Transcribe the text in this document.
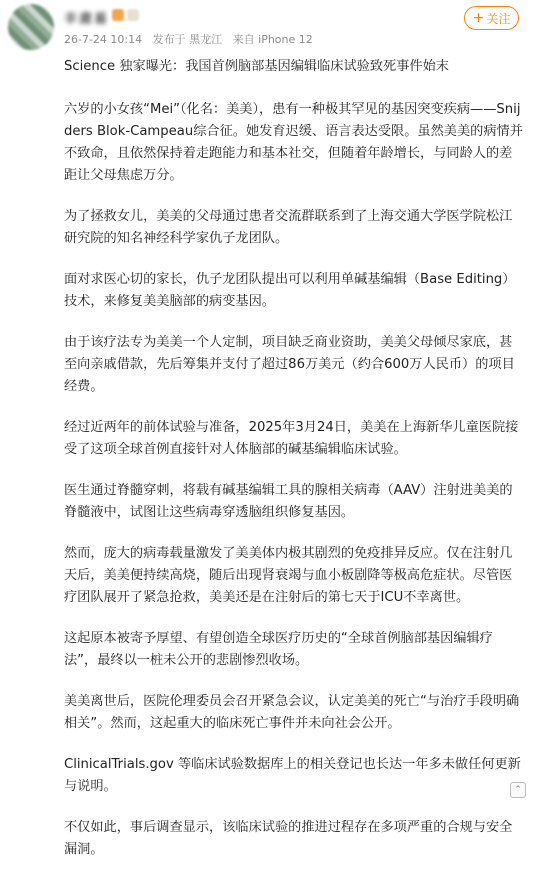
丰肃易
26-7-24 10:14 发布于 黑龙江 来自 iPhone 12
+ 关注

Science 独家曝光：我国首例脑部基因编辑临床试验致死事件始末

六岁的小女孩“Mei”（化名：美美），患有一种极其罕见的基因突变疾病——Snijders Blok-Campeau综合征。她发育迟缓、语言表达受限。虽然美美的病情并不致命，且依然保持着走跑能力和基本社交，但随着年龄增长，与同龄人的差距让父母焦虑万分。

为了拯救女儿，美美的父母通过患者交流群联系到了上海交通大学医学院松江研究院的知名神经科学家仇子龙团队。

面对求医心切的家长，仇子龙团队提出可以利用单碱基编辑（Base Editing）技术，来修复美美脑部的病变基因。

由于该疗法专为美美一个人定制，项目缺乏商业资助，美美父母倾尽家底，甚至向亲戚借款，先后筹集并支付了超过86万美元（约合600万人民币）的项目经费。

经过近两年的前体试验与准备，2025年3月24日，美美在上海新华儿童医院接受了这项全球首例直接针对人体脑部的碱基编辑临床试验。

医生通过脊髓穿刺，将载有碱基编辑工具的腺相关病毒（AAV）注射进美美的脊髓液中，试图让这些病毒穿透脑组织修复基因。

然而，庞大的病毒载量激发了美美体内极其剧烈的免疫排异反应。仅在注射几天后，美美便持续高烧，随后出现肾衰竭与血小板剧降等极高危症状。尽管医疗团队展开了紧急抢救，美美还是在注射后的第七天于ICU不幸离世。

这起原本被寄予厚望、有望创造全球医疗历史的“全球首例脑部基因编辑疗法”，最终以一桩未公开的悲剧惨烈收场。

美美离世后，医院伦理委员会召开紧急会议，认定美美的死亡“与治疗手段明确相关”。然而，这起重大的临床死亡事件并未向社会公开。

ClinicalTrials.gov 等临床试验数据库上的相关登记也长达一年多未做任何更新与说明。

不仅如此，事后调查显示，该临床试验的推进过程存在多项严重的合规与安全漏洞。

⌃
